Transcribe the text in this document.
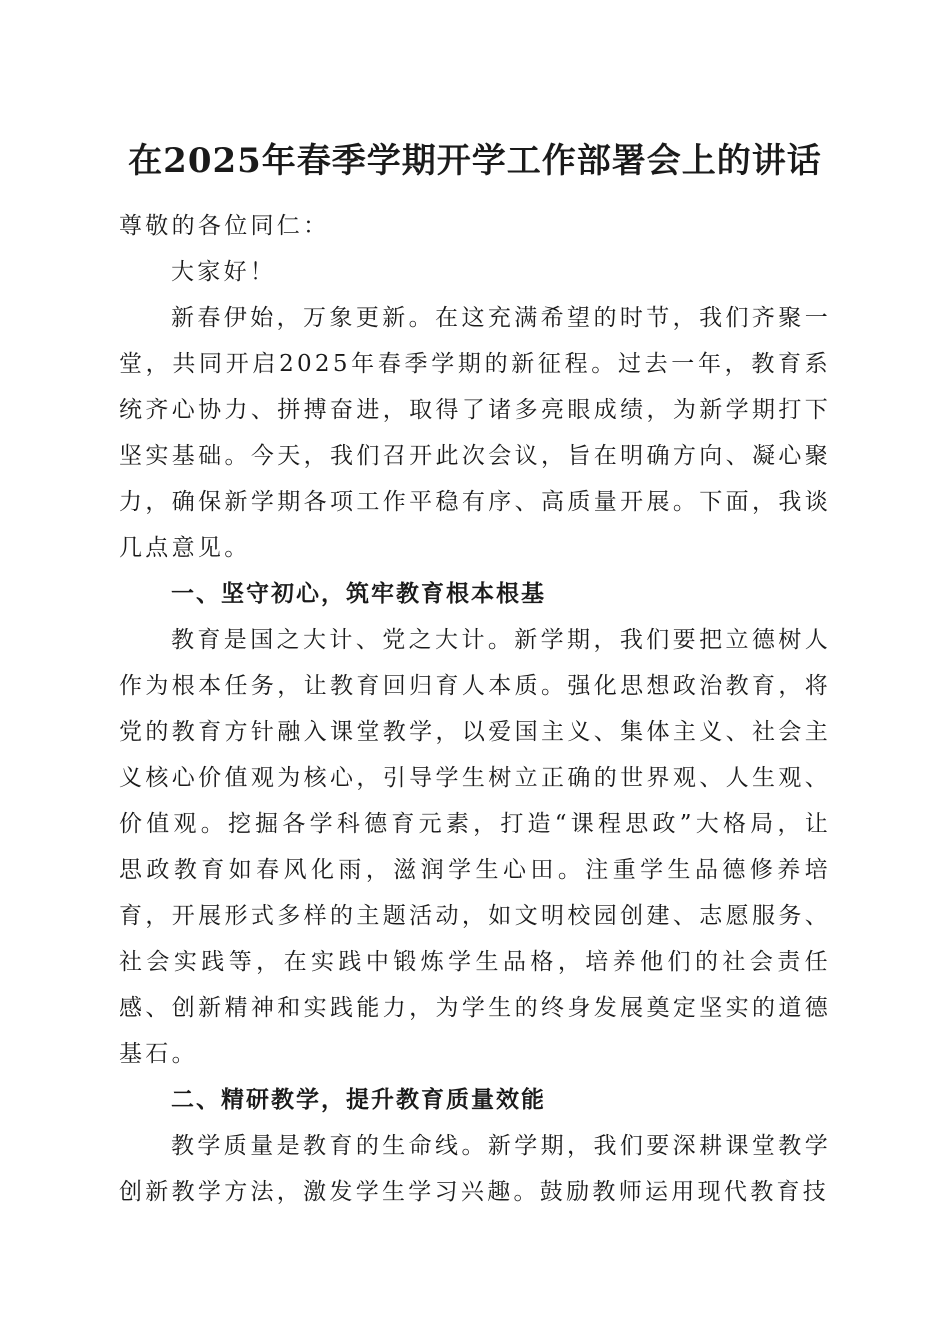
在2025年春季学期开学工作部署会上的讲话

尊敬的各位同仁：

大家好！

新春伊始，万象更新。在这充满希望的时节，我们齐聚一堂，共同开启2025年春季学期的新征程。过去一年，教育系统齐心协力、拼搏奋进，取得了诸多亮眼成绩，为新学期打下坚实基础。今天，我们召开此次会议，旨在明确方向、凝心聚力，确保新学期各项工作平稳有序、高质量开展。下面，我谈几点意见。

一、坚守初心，筑牢教育根本根基

教育是国之大计、党之大计。新学期，我们要把立德树人作为根本任务，让教育回归育人本质。强化思想政治教育，将党的教育方针融入课堂教学，以爱国主义、集体主义、社会主义核心价值观为核心，引导学生树立正确的世界观、人生观、价值观。挖掘各学科德育元素，打造“课程思政”大格局，让思政教育如春风化雨，滋润学生心田。注重学生品德修养培育，开展形式多样的主题活动，如文明校园创建、志愿服务、社会实践等，在实践中锻炼学生品格，培养他们的社会责任感、创新精神和实践能力，为学生的终身发展奠定坚实的道德基石。

二、精研教学，提升教育质量效能

教学质量是教育的生命线。新学期，我们要深耕课堂教学创新教学方法，激发学生学习兴趣。鼓励教师运用现代教育技
